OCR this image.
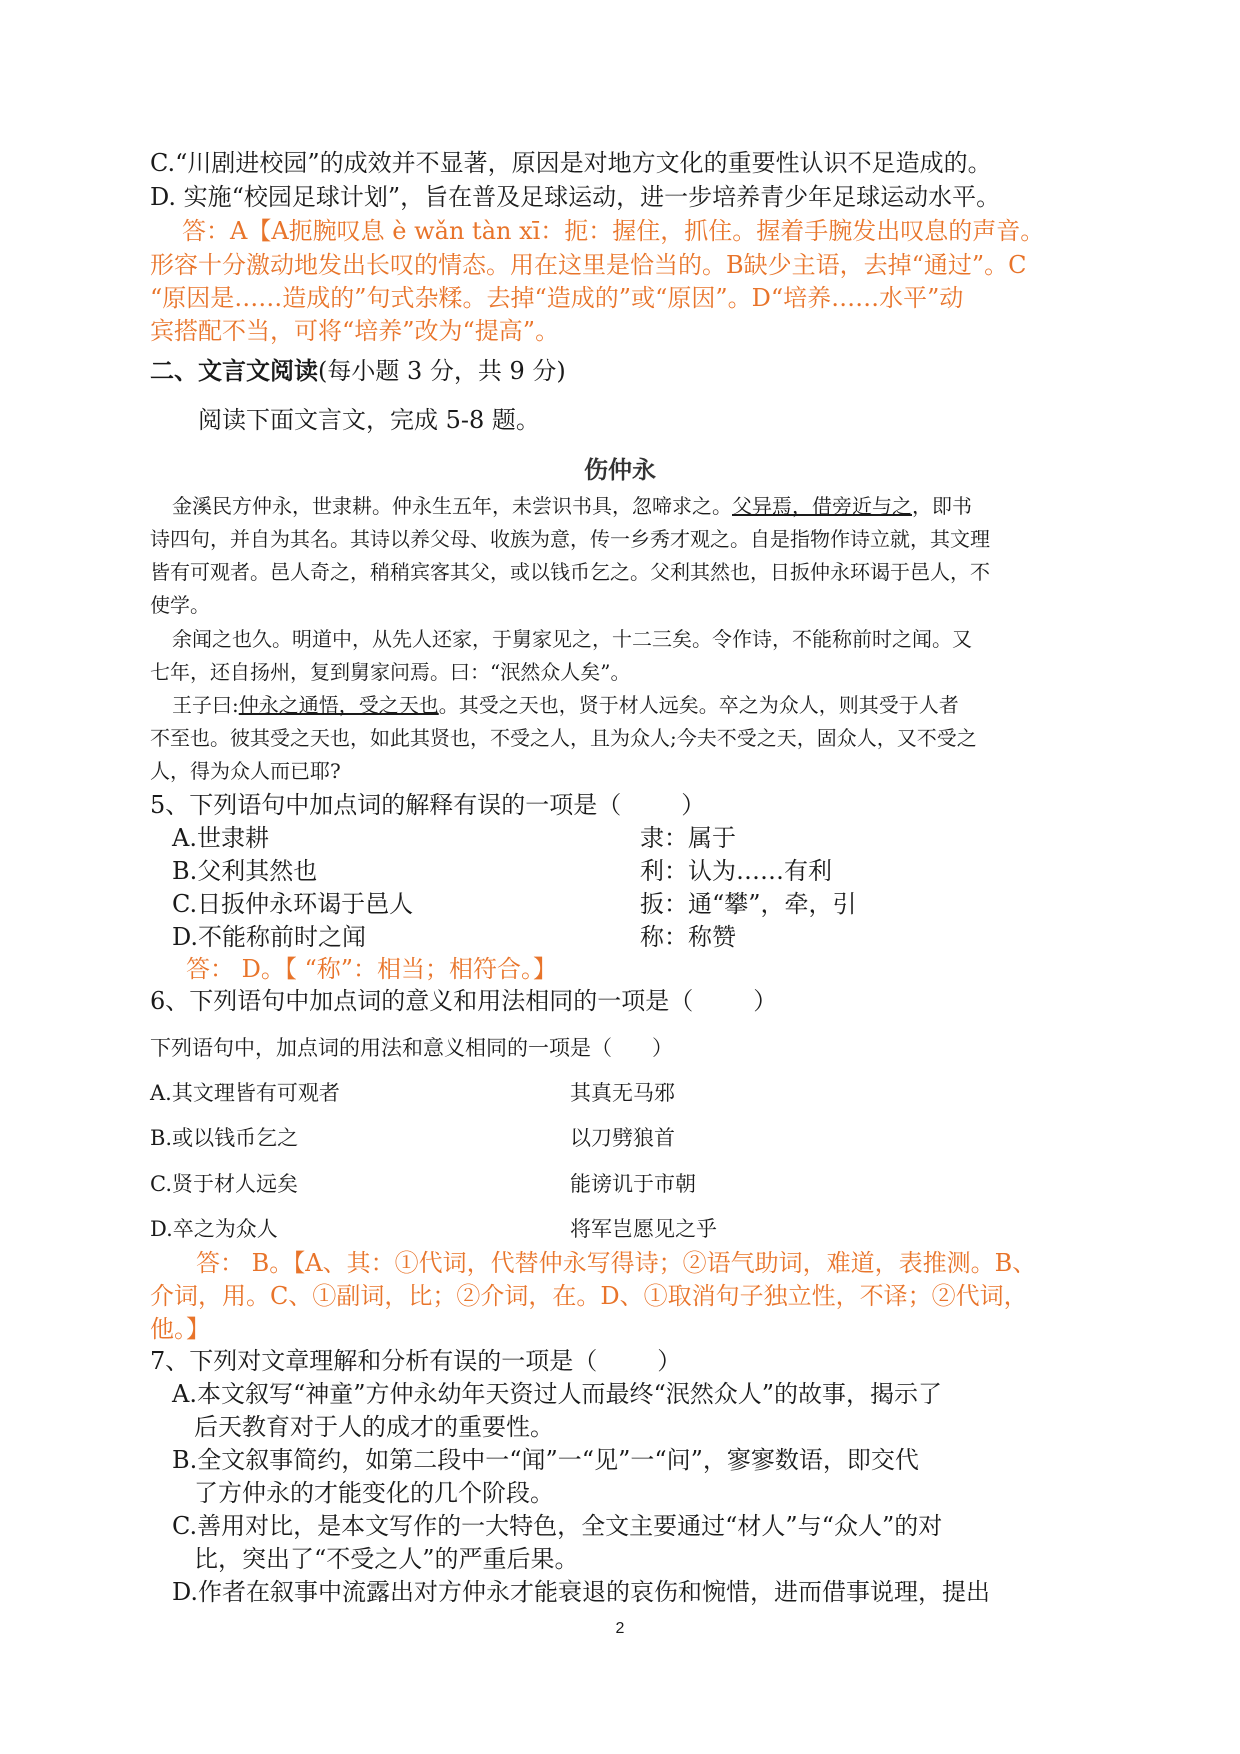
C.“川剧进校园”的成效并不显著，原因是对地方文化的重要性认识不足造成的。
D. 实施“校园足球计划”，旨在普及足球运动，进一步培养青少年足球运动水平。
答：A【A扼腕叹息 è wǎn tàn xī：扼：握住，抓住。握着手腕发出叹息的声音。
形容十分激动地发出长叹的情态。用在这里是恰当的。B缺少主语，去掉“通过”。C
“原因是……造成的”句式杂糅。去掉“造成的”或“原因”。D“培养……水平”动
宾搭配不当，可将“培养”改为“提高”。
二、文言文阅读(每小题 3 分，共 9 分)
阅读下面文言文，完成 5-8 题。
伤仲永
金溪民方仲永，世隶耕。仲永生五年，未尝识书具，忽啼求之。父异焉，借旁近与之，即书
诗四句，并自为其名。其诗以养父母、收族为意，传一乡秀才观之。自是指物作诗立就，其文理
皆有可观者。邑人奇之，稍稍宾客其父，或以钱币乞之。父利其然也，日扳仲永环谒于邑人，不
使学。
余闻之也久。明道中，从先人还家，于舅家见之，十二三矣。令作诗，不能称前时之闻。又
七年，还自扬州，复到舅家问焉。曰：“泯然众人矣”。
王子曰:仲永之通悟，受之天也。其受之天也，贤于材人远矣。卒之为众人，则其受于人者
不至也。彼其受之天也，如此其贤也，不受之人，且为众人;今夫不受之天，固众人，又不受之
人，得为众人而已耶?
5、下列语句中加点词的解释有误的一项是（	）
A.世隶耕	隶：属于
B.父利其然也	利：认为……有利
C.日扳仲永环谒于邑人	扳：通“攀”，牵，引
D.不能称前时之闻	称：称赞
答： D。【 “称”：相当；相符合。】
6、下列语句中加点词的意义和用法相同的一项是（	）
下列语句中，加点词的用法和意义相同的一项是（ ）
A.其文理皆有可观者	其真无马邪
B.或以钱币乞之	以刀劈狼首
C.贤于材人远矣	能谤讥于市朝
D.卒之为众人	将军岂愿见之乎
答： B。【A、其：①代词，代替仲永写得诗；②语气助词，难道，表推测。B、
介词，用。C、①副词，比；②介词，在。D、①取消句子独立性，不译；②代词，
他。】
7、下列对文章理解和分析有误的一项是（	）
A.本文叙写“神童”方仲永幼年天资过人而最终“泯然众人”的故事，揭示了
后天教育对于人的成才的重要性。
B.全文叙事简约，如第二段中一“闻”一“见”一“问”，寥寥数语，即交代
了方仲永的才能变化的几个阶段。
C.善用对比，是本文写作的一大特色，全文主要通过“材人”与“众人”的对
比，突出了“不受之人”的严重后果。
D.作者在叙事中流露出对方仲永才能衰退的哀伤和惋惜，进而借事说理，提出
2
